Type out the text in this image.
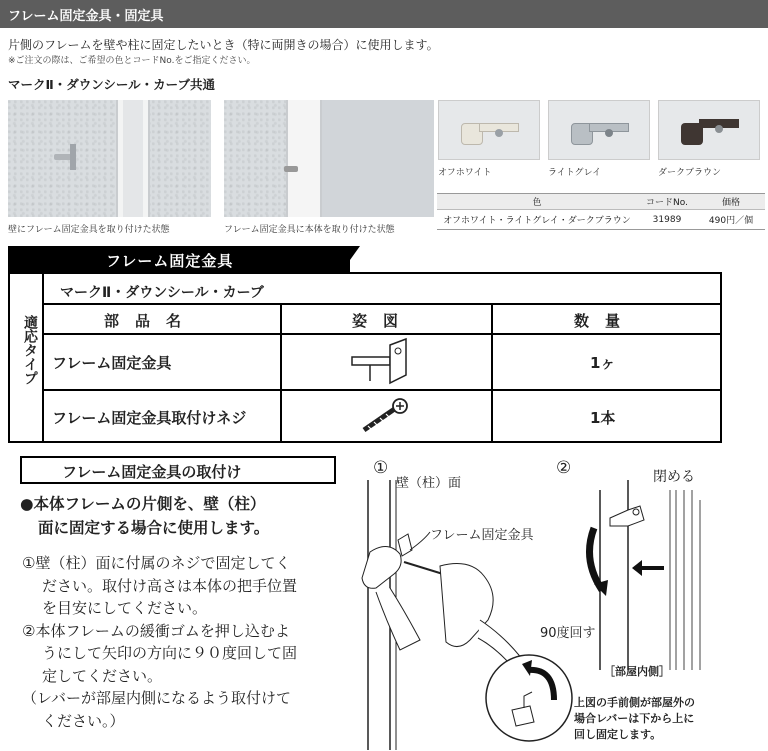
フレーム固定金具・固定具
片側のフレームを壁や柱に固定したいとき（特に両開きの場合）に使用します。
※ご注文の際は、ご希望の色とコードNo.をご指定ください。
マークⅡ・ダウンシール・カーブ共通
壁にフレーム固定金具を取り付けた状態	フレーム固定金具に本体を取り付けた状態
オフホワイト	ライトグレイ	ダークブラウン
色	コードNo.	価格
オフホワイト・ライトグレイ・ダークブラウン	31989	490円／個
フレーム固定金具
適応タイプ
マークⅡ・ダウンシール・カーブ
部品名	姿図	数量
フレーム固定金具	1ヶ
フレーム固定金具取付けネジ	1本
フレーム固定金具の取付け
●本体フレームの片側を、壁（柱）
面に固定する場合に使用します。
①壁（柱）面に付属のネジで固定してく
ださい。取付け高さは本体の把手位置
を目安にしてください。
②本体フレームの緩衝ゴムを押し込むよ
うにして矢印の方向に９０度回して固
定してください。
（レバーが部屋内側になるよう取付けて
ください。）
①
壁（柱）面
フレーム固定金具
②	閉める
90度回す
［部屋内側］
上図の手前側が部屋外の
場合レバーは下から上に
回し固定します。
